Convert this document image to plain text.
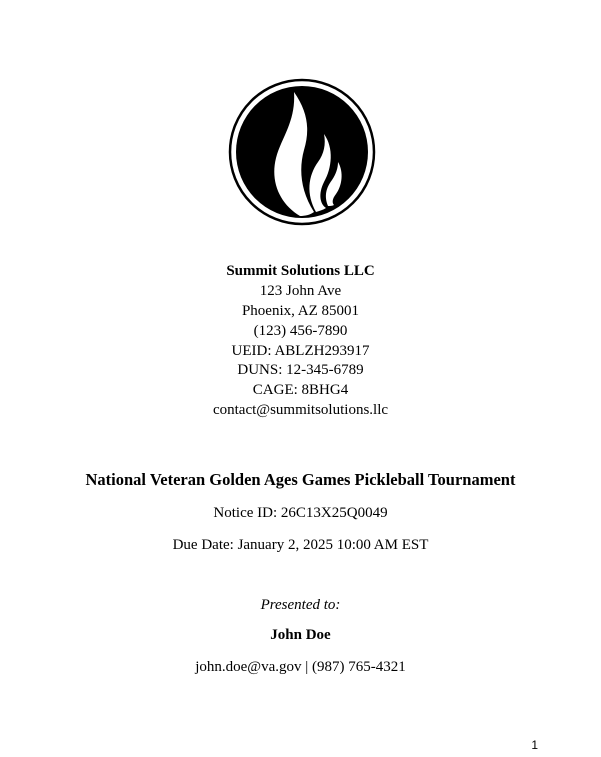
Summit Solutions LLC
123 John Ave
Phoenix, AZ 85001
(123) 456-7890
UEID: ABLZH293917
DUNS: 12-345-6789
CAGE: 8BHG4
contact@summitsolutions.llc
National Veteran Golden Ages Games Pickleball Tournament
Notice ID: 26C13X25Q0049
Due Date: January 2, 2025 10:00 AM EST
Presented to:
John Doe
john.doe@va.gov | (987) 765-4321
1
